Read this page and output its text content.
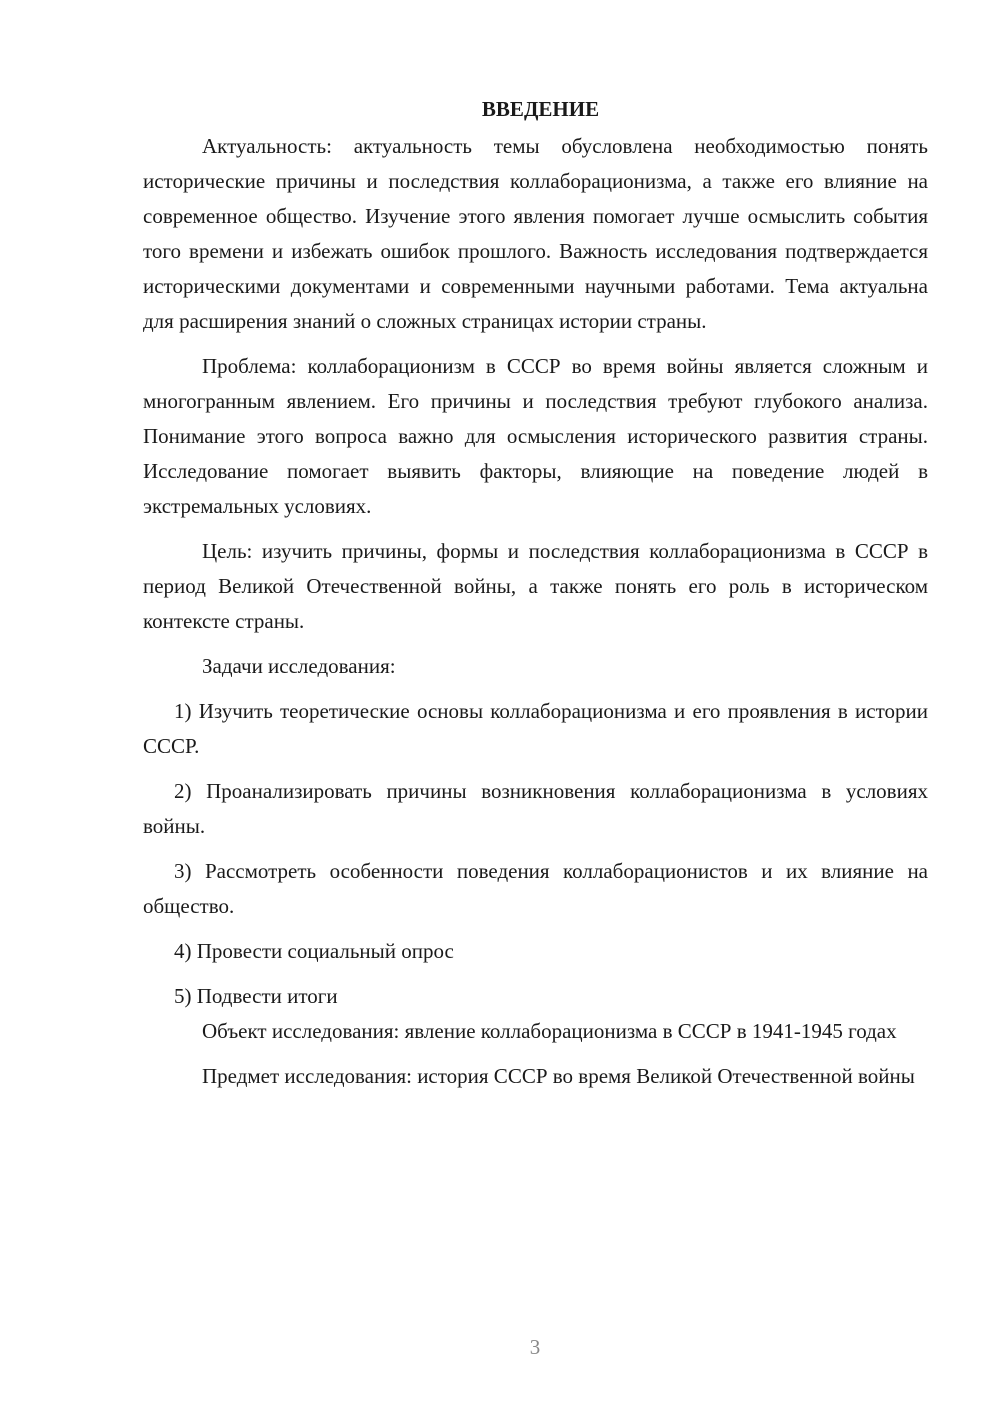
ВВЕДЕНИЕ

Актуальность: актуальность темы обусловлена необходимостью понять исторические причины и последствия коллаборационизма, а также его влияние на современное общество. Изучение этого явления помогает лучше осмыслить события того времени и избежать ошибок прошлого. Важность исследования подтверждается историческими документами и современными научными работами. Тема актуальна для расширения знаний о сложных страницах истории страны.

Проблема: коллаборационизм в СССР во время войны является сложным и многогранным явлением. Его причины и последствия требуют глубокого анализа. Понимание этого вопроса важно для осмысления исторического развития страны. Исследование помогает выявить факторы, влияющие на поведение людей в экстремальных условиях.

Цель: изучить причины, формы и последствия коллаборационизма в СССР в период Великой Отечественной войны, а также понять его роль в историческом контексте страны.

Задачи исследования:

1) Изучить теоретические основы коллаборационизма и его проявления в истории СССР.

2) Проанализировать причины возникновения коллаборационизма в условиях войны.

3) Рассмотреть особенности поведения коллаборационистов и их влияние на общество.

4) Провести социальный опрос

5) Подвести итоги

Объект исследования: явление коллаборационизма в СССР в 1941-1945 годах

Предмет исследования: история СССР во время Великой Отечественной войны

3
